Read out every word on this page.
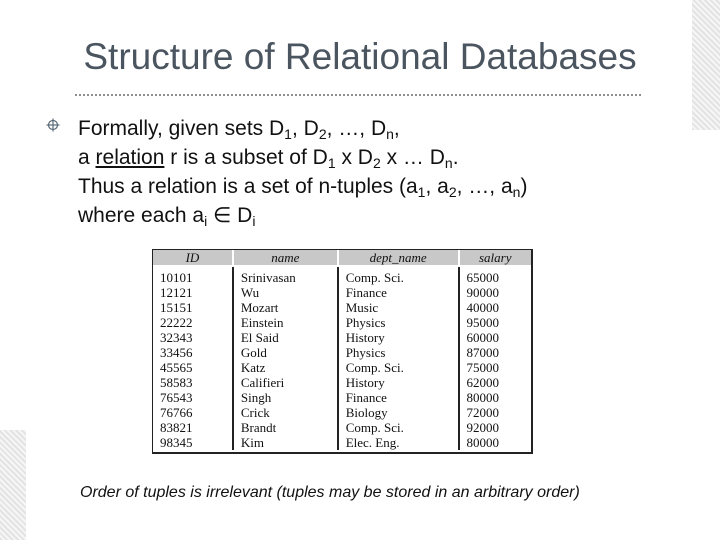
Structure of Relational Databases
Formally, given sets $D_1$, $D_2$, …, $D_n$,
a relation r is a subset of $D_1$ x $D_2$ x … $D_n$.
Thus a relation is a set of n-tuples ($a_1$, $a_2$, …, $a_n$)
where each $a_i$ ∈ $D_i$
ID	name	dept_name	salary
10101	Srinivasan	Comp. Sci.	65000
12121	Wu	Finance	90000
15151	Mozart	Music	40000
22222	Einstein	Physics	95000
32343	El Said	History	60000
33456	Gold	Physics	87000
45565	Katz	Comp. Sci.	75000
58583	Califieri	History	62000
76543	Singh	Finance	80000
76766	Crick	Biology	72000
83821	Brandt	Comp. Sci.	92000
98345	Kim	Elec. Eng.	80000
Order of tuples is irrelevant (tuples may be stored in an arbitrary order)
